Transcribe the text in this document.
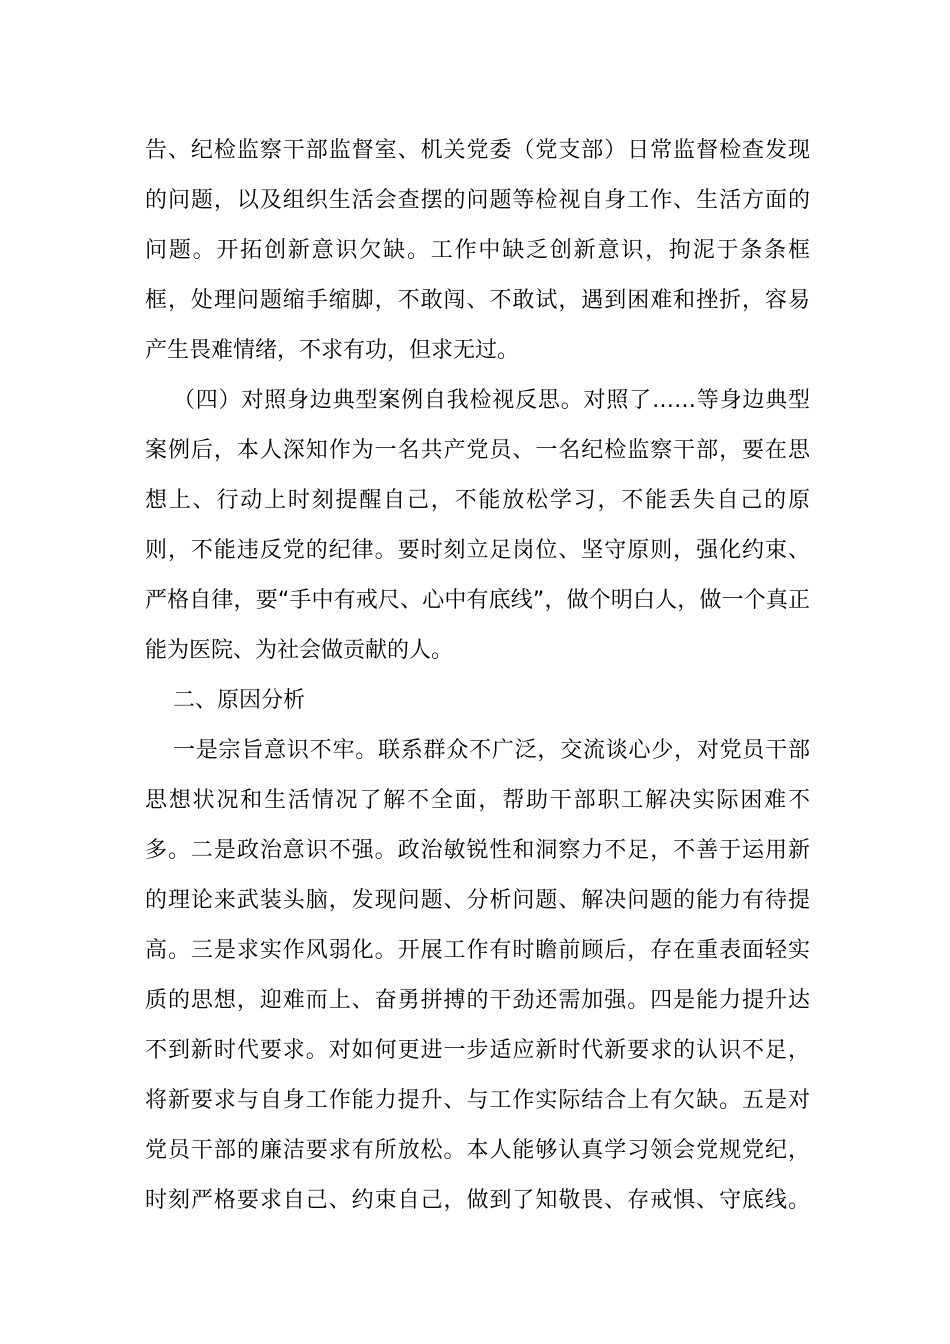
告、纪检监察干部监督室、机关党委（党支部）日常监督检查发现
的问题，以及组织生活会查摆的问题等检视自身工作、生活方面的
问题。开拓创新意识欠缺。工作中缺乏创新意识，拘泥于条条框
框，处理问题缩手缩脚，不敢闯、不敢试，遇到困难和挫折，容易
产生畏难情绪，不求有功，但求无过。
（四）对照身边典型案例自我检视反思。对照了……等身边典型
案例后，本人深知作为一名共产党员、一名纪检监察干部，要在思
想上、行动上时刻提醒自己，不能放松学习，不能丢失自己的原
则，不能违反党的纪律。要时刻立足岗位、坚守原则，强化约束、
严格自律，要“手中有戒尺、心中有底线”，做个明白人，做一个真正
能为医院、为社会做贡献的人。
二、原因分析
一是宗旨意识不牢。联系群众不广泛，交流谈心少，对党员干部
思想状况和生活情况了解不全面，帮助干部职工解决实际困难不
多。二是政治意识不强。政治敏锐性和洞察力不足，不善于运用新
的理论来武装头脑，发现问题、分析问题、解决问题的能力有待提
高。三是求实作风弱化。开展工作有时瞻前顾后，存在重表面轻实
质的思想，迎难而上、奋勇拼搏的干劲还需加强。四是能力提升达
不到新时代要求。对如何更进一步适应新时代新要求的认识不足，
将新要求与自身工作能力提升、与工作实际结合上有欠缺。五是对
党员干部的廉洁要求有所放松。本人能够认真学习领会党规党纪，
时刻严格要求自己、约束自己，做到了知敬畏、存戒惧、守底线。
